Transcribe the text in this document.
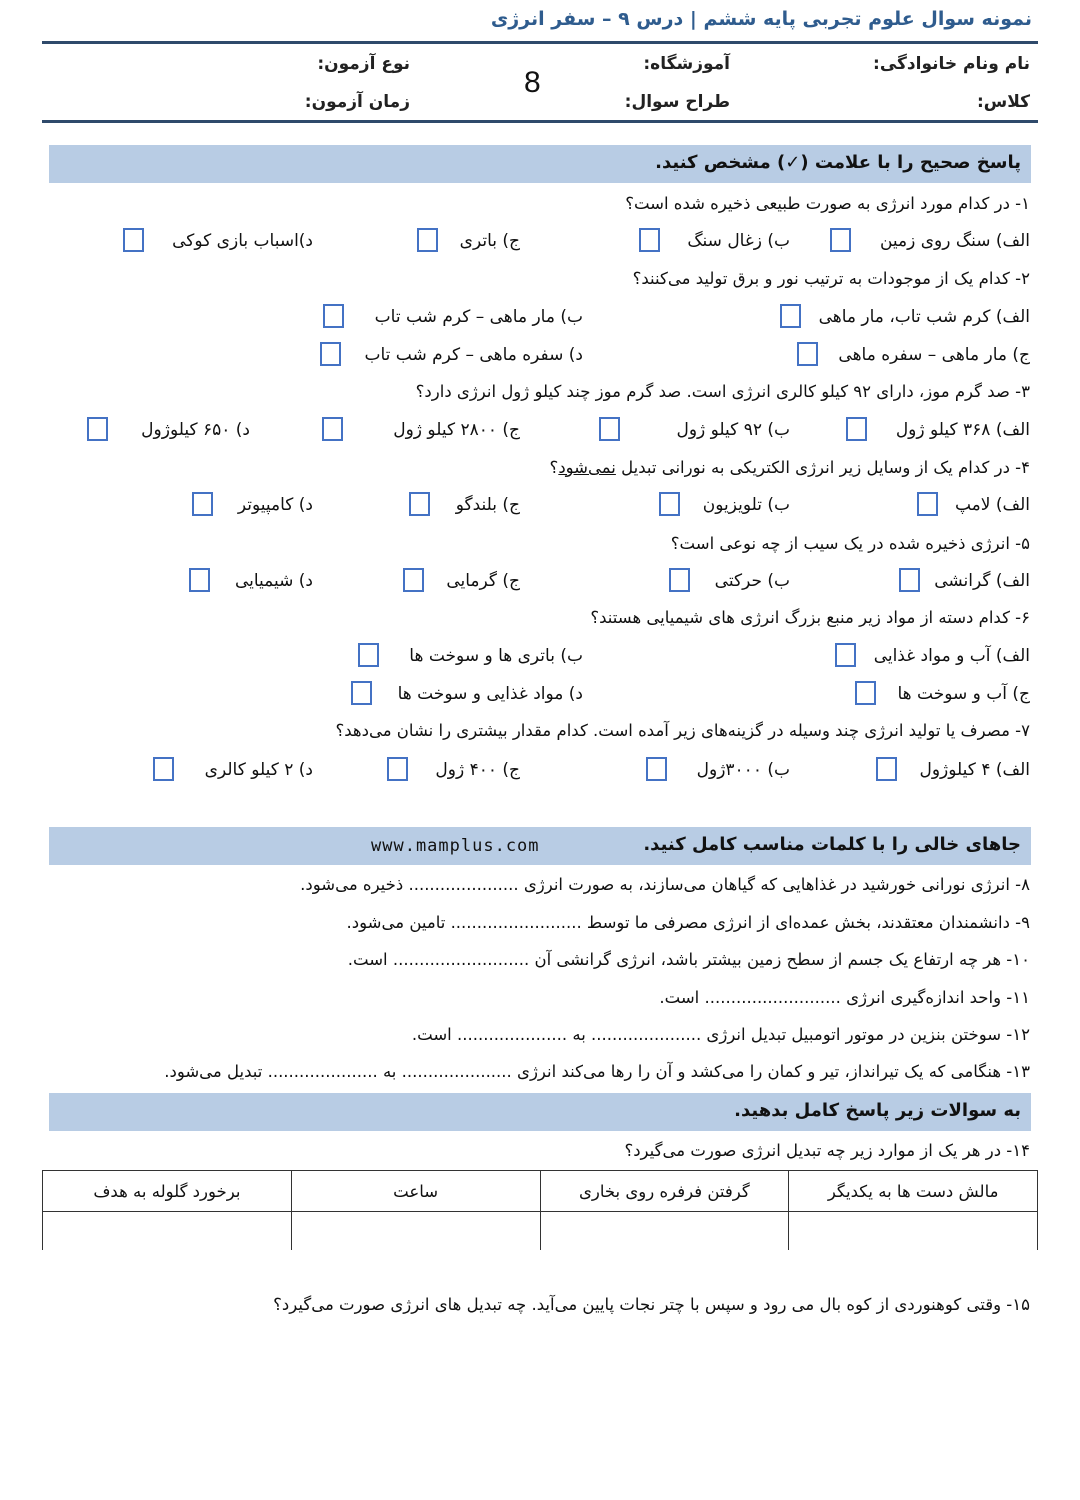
نمونه سوال علوم تجربی پایه ششم | درس ۹ – سفر انرژی
نام ونام خانوادگی:
آموزشگاه:
نوع آزمون:
کلاس:
طراح سوال:
زمان آزمون:
8
پاسخ صحیح را با علامت (✓) مشخص کنید.
۱- در کدام مورد انرژی به صورت طبیعی ذخیره شده است؟
الف) سنگ روی زمین
ب) زغال سنگ
ج) باتری
د)اسباب بازی کوکی
۲- کدام یک از موجودات به ترتیب نور و برق تولید می‌کنند؟
الف) کرم شب تاب، مار ماهی
ب) مار ماهی – کرم شب تاب
ج) مار ماهی – سفره ماهی
د) سفره ماهی – کرم شب تاب
۳- صد گرم موز، دارای ۹۲ کیلو کالری انرژی است. صد گرم موز چند کیلو ژول انرژی دارد؟
الف) ۳۶۸ کیلو ژول
ب) ۹۲ کیلو ژول
ج) ۲۸۰۰ کیلو ژول
د) ۶۵۰ کیلوژول
۴- در کدام یک از وسایل زیر انرژی الکتریکی به نورانی تبدیل نمی‌شود؟
الف) لامپ
ب) تلویزیون
ج) بلندگو
د) کامپیوتر
۵- انرژی ذخیره شده در یک سیب از چه نوعی است؟
الف) گرانشی
ب) حرکتی
ج) گرمایی
د) شیمیایی
۶- کدام دسته از مواد زیر منبع بزرگ انرژی های شیمیایی هستند؟
الف) آب و مواد غذایی
ب) باتری ها و سوخت ها
ج) آب و سوخت ها
د) مواد غذایی و سوخت ها
۷- مصرف یا تولید انرژی چند وسیله در گزینه‌های زیر آمده است. کدام مقدار بیشتری را نشان می‌دهد؟
الف) ۴ کیلوژول
ب) ۳۰۰۰ژول
ج) ۴۰۰ ژول
د) ۲ کیلو کالری
جاهای خالی را با کلمات مناسب کامل کنید.
www.mamplus.com
۸- انرژی نورانی خورشید در غذاهایی که گیاهان می‌سازند، به صورت انرژی ..................... ذخیره می‌شود.
۹- دانشمندان معتقدند، بخش عمده‌ای از انرژی مصرفی ما توسط ......................... تامین می‌شود.
۱۰- هر چه ارتفاع یک جسم از سطح زمین بیشتر باشد، انرژی گرانشی آن .......................... است.
۱۱- واحد اندازه‌گیری انرژی .......................... است.
۱۲- سوختن بنزین در موتور اتومبیل تبدیل انرژی ..................... به ..................... است.
۱۳- هنگامی که یک تیرانداز، تیر و کمان را می‌کشد و آن را رها می‌کند انرژی ..................... به ..................... تبدیل می‌شود.
به سوالات زیر پاسخ کامل بدهید.
۱۴- در هر یک از موارد زیر چه تبدیل انرژی صورت می‌گیرد؟
مالش دست ها به یکدیگر	گرفتن فرفره روی بخاری	ساعت	برخورد گلوله به هدف

۱۵- وقتی کوهنوردی از کوه بال می رود و سپس با چتر نجات پایین می‌آید. چه تبدیل های انرژی صورت می‌گیرد؟
